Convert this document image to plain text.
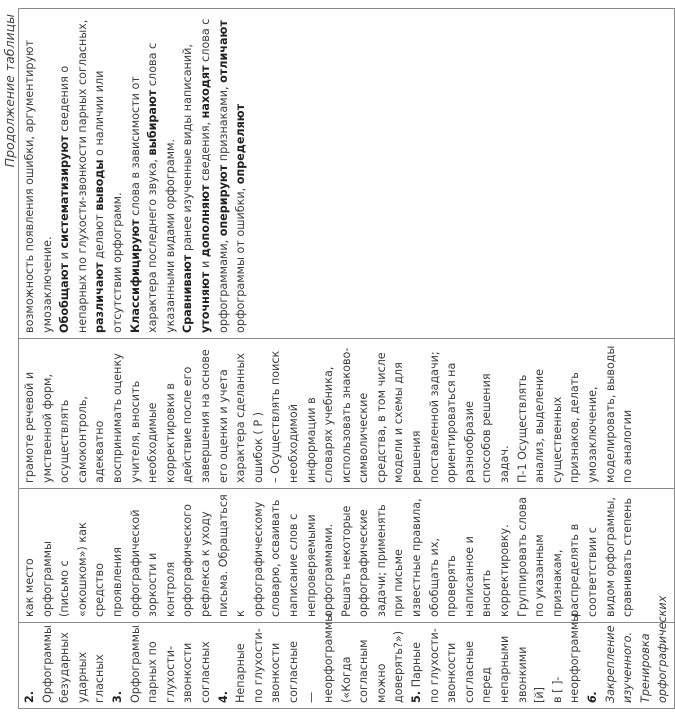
Продолжение таблицы
2. Орфограммы безударных ударных гласных 3. Орфограммы парных по глухости-звонкости согласных 4. Непарные по глухости-звонкости согласные — неорфограммы («Когда согласным можно доверять?») 5. Парные по глухости-звонкости согласные перед непарными звонкими [й] в [ ]-неорфограммы 6. Закрепление изученного. Тренировка орфографических

как место орфограммы (письмо с «окошком») как средство проявления орфографической зоркости и контроля орфографического рефлекса к уходу письма. Обращаться к орфографическому словарю, осваивать написание слов с непроверяемыми орфограммами. Решать некоторые орфографические задачи; применять при письме известные правила, обобщать их, проверять написанное и вносить корректировку. Группировать слова по указанным признакам, распределять в соответствии с видом орфограммы, сравнивать степень

грамоте речевой и умственной форм, осуществлять самоконтроль, адекватно воспринимать оценку учителя, вносить необходимые корректировки в действие после его завершения на основе его оценки и учета характера сделанных ошибок ( Р ) – Осуществлять поиск необходимой информации в словарях учебника, использовать знаково-символические средства, в том числе модели и схемы для решения поставленной задачи; ориентироваться на разнообразие способов решения задач. П-1 Осуществлять анализ, выделение существенных признаков, делать умозаключение, моделировать, выводы по аналогии

возможность появления ошибки, аргументируют умозаключение. Обобщают и систематизируют сведения о непарных по глухости-звонкости парных согласных, различают делают выводы о наличии или отсутствии орфограмм. Классифицируют слова в зависимости от характера последнего звука, выбирают слова с указанными видами орфограмм. Сравнивают ранее изученные виды написаний, уточняют и дополняют сведения, находят слова с орфограммами, оперируют признаками, отличают орфограммы от ошибки, определяют
